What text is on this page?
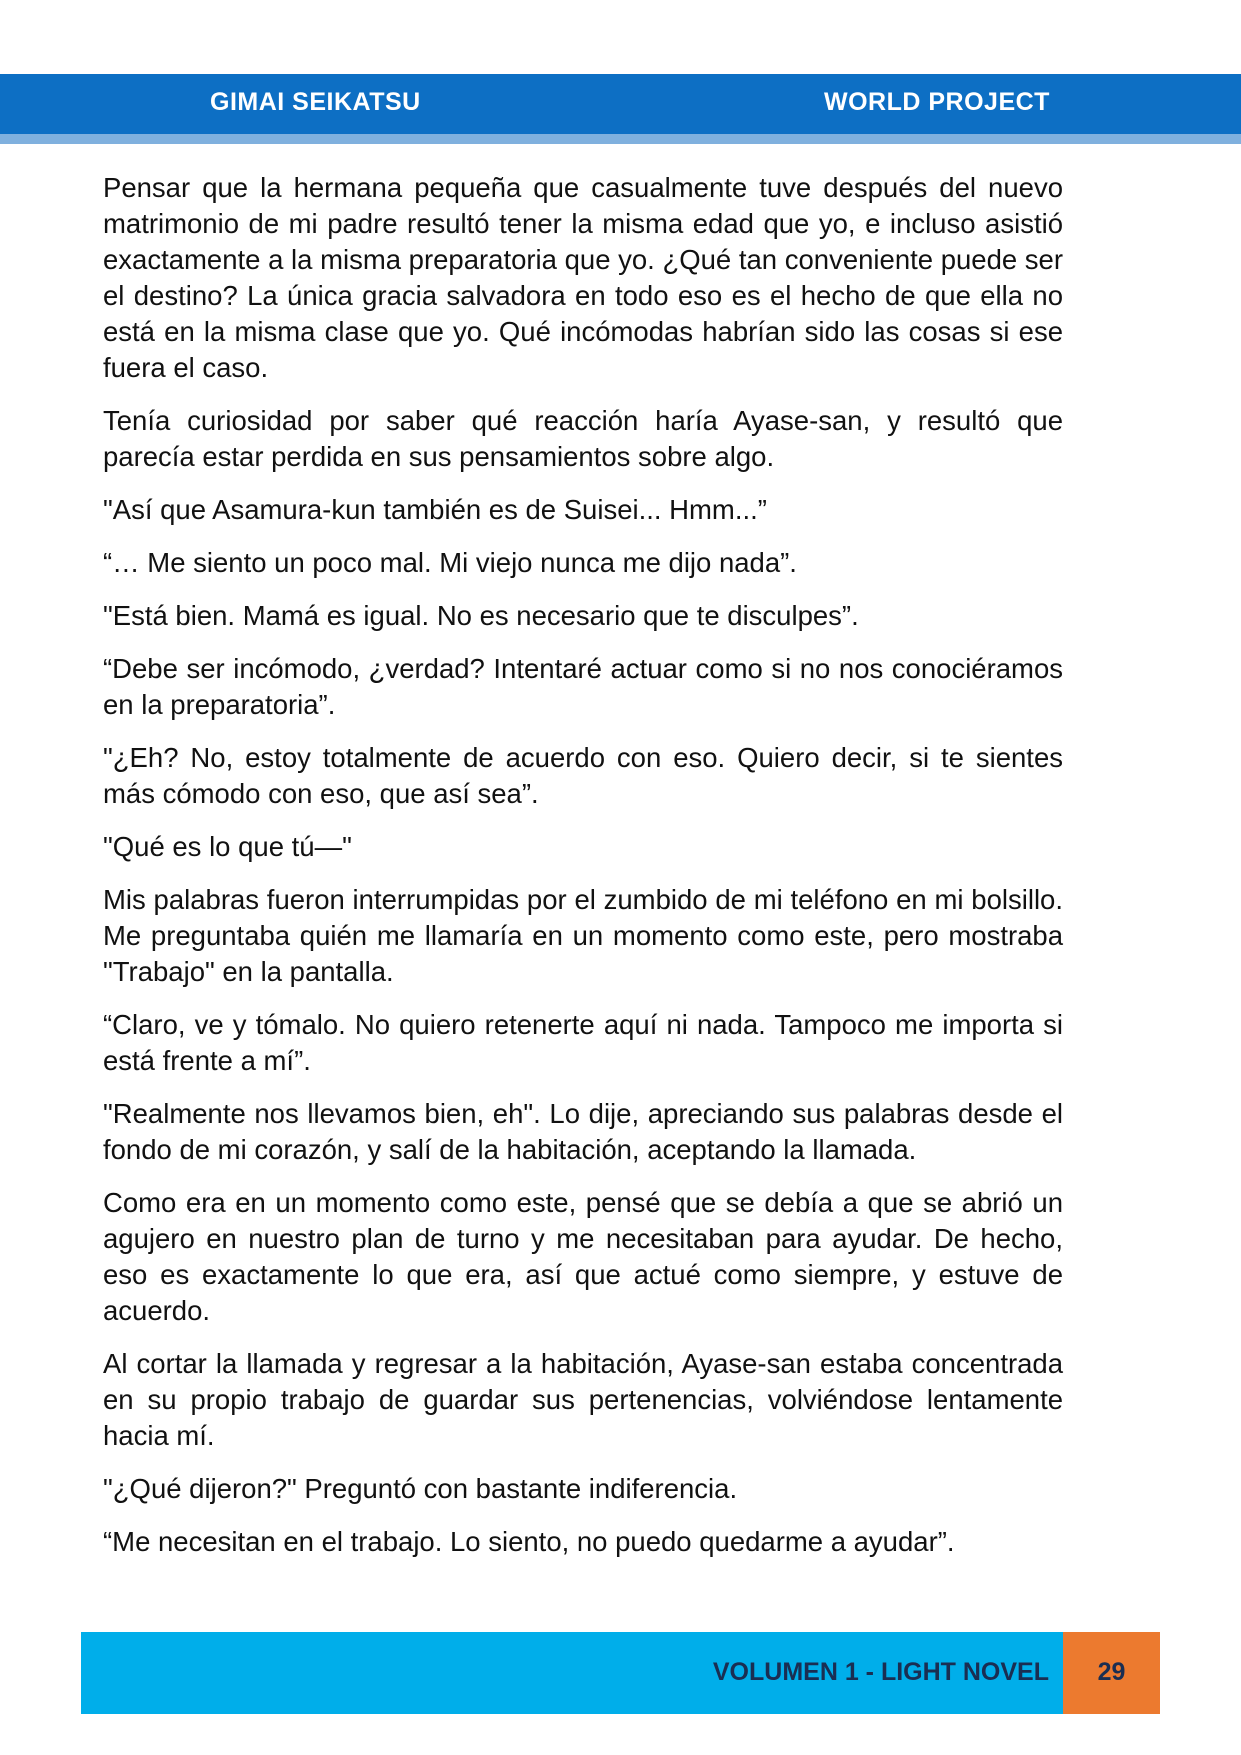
GIMAI SEIKATSU	WORLD PROJECT

Pensar que la hermana pequeña que casualmente tuve después del nuevo matrimonio de mi padre resultó tener la misma edad que yo, e incluso asistió exactamente a la misma preparatoria que yo. ¿Qué tan conveniente puede ser el destino? La única gracia salvadora en todo eso es el hecho de que ella no está en la misma clase que yo. Qué incómodas habrían sido las cosas si ese fuera el caso.

Tenía curiosidad por saber qué reacción haría Ayase-san, y resultó que parecía estar perdida en sus pensamientos sobre algo.

"Así que Asamura-kun también es de Suisei... Hmm...”

“… Me siento un poco mal. Mi viejo nunca me dijo nada”.

"Está bien. Mamá es igual. No es necesario que te disculpes”.

“Debe ser incómodo, ¿verdad? Intentaré actuar como si no nos conociéramos en la preparatoria”.

"¿Eh? No, estoy totalmente de acuerdo con eso. Quiero decir, si te sientes más cómodo con eso, que así sea”.

"Qué es lo que tú—"

Mis palabras fueron interrumpidas por el zumbido de mi teléfono en mi bolsillo. Me preguntaba quién me llamaría en un momento como este, pero mostraba "Trabajo" en la pantalla.

“Claro, ve y tómalo. No quiero retenerte aquí ni nada. Tampoco me importa si está frente a mí”.

"Realmente nos llevamos bien, eh". Lo dije, apreciando sus palabras desde el fondo de mi corazón, y salí de la habitación, aceptando la llamada.

Como era en un momento como este, pensé que se debía a que se abrió un agujero en nuestro plan de turno y me necesitaban para ayudar. De hecho, eso es exactamente lo que era, así que actué como siempre, y estuve de acuerdo.

Al cortar la llamada y regresar a la habitación, Ayase-san estaba concentrada en su propio trabajo de guardar sus pertenencias, volviéndose lentamente hacia mí.

"¿Qué dijeron?" Preguntó con bastante indiferencia.

“Me necesitan en el trabajo. Lo siento, no puedo quedarme a ayudar”.

VOLUMEN 1 - LIGHT NOVEL	29
